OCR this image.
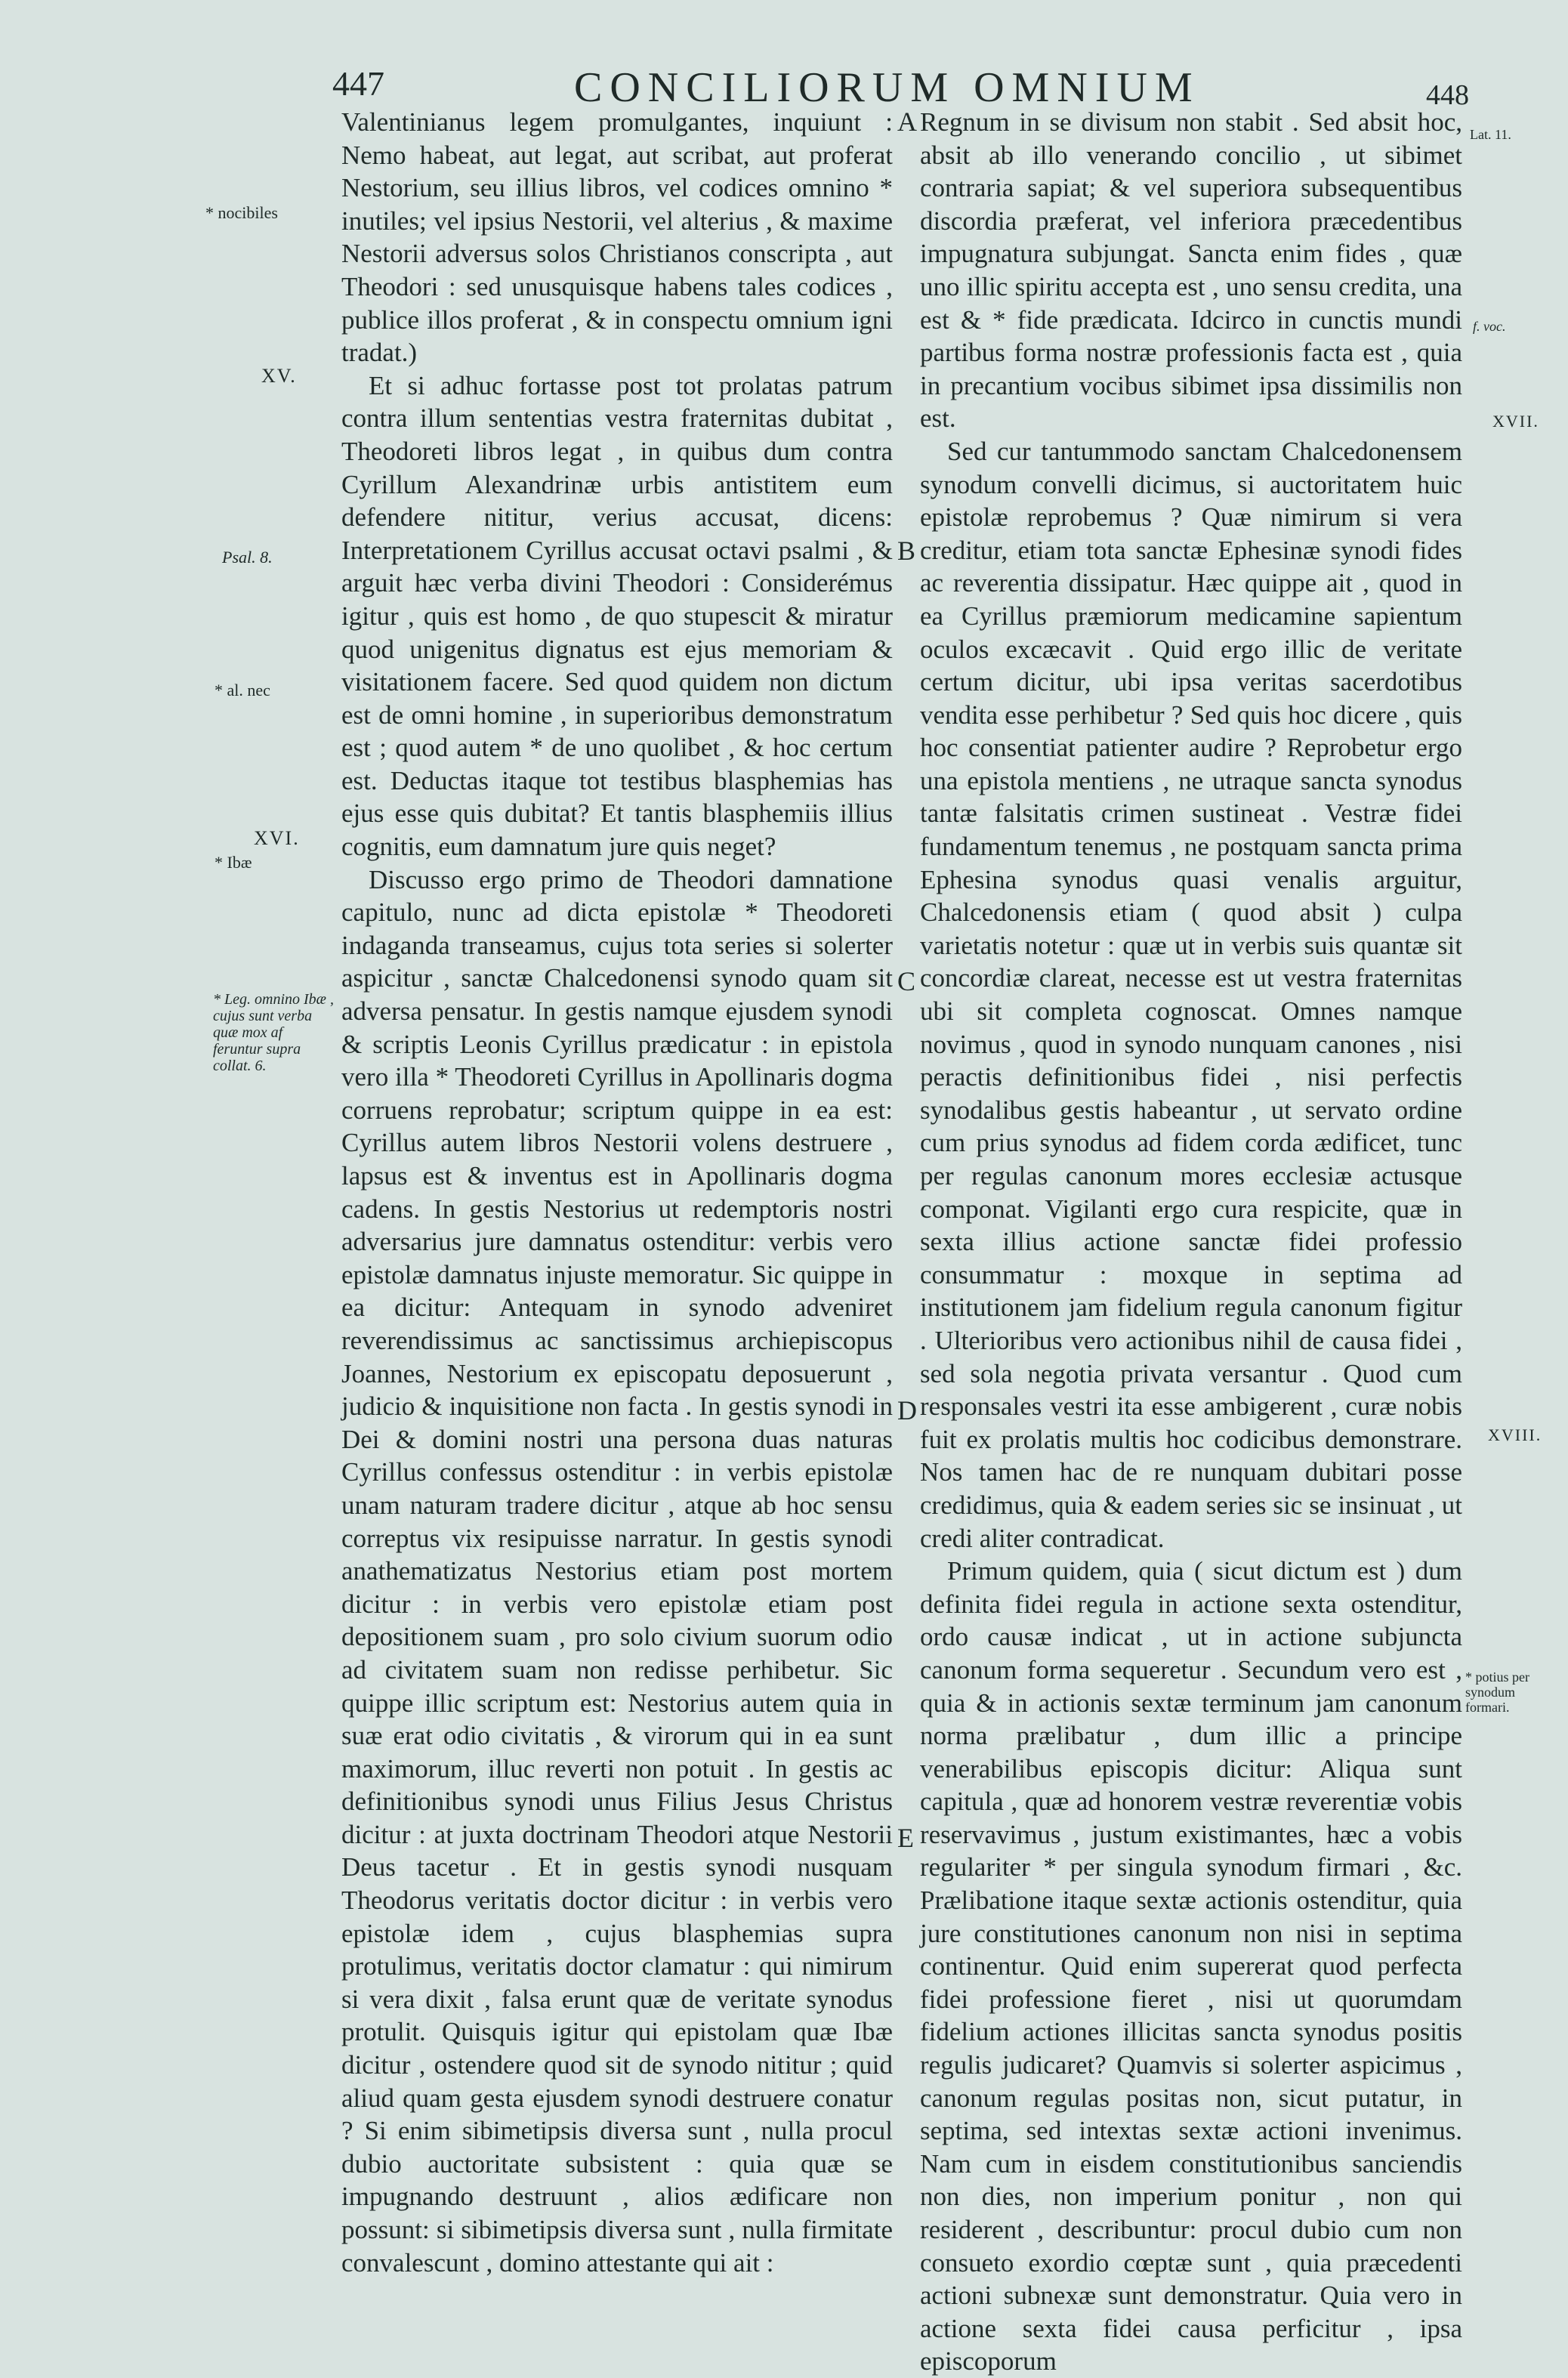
447	CONCILIORUM OMNIUM	448
* nocibiles
XV.
Psal. 8.
* al. nec
XVI.
* Ibæ
* Leg. omnino Ibæ , cujus sunt verba quæ mox af feruntur supra collat. 6.
Lat. 11.
f. voc.
XVII.
XVIII.
* potius per synodum formari.
A
B
C
D
E

Valentinianus legem promulgantes, inquiunt : Nemo habeat, aut legat, aut scribat, aut proferat Nestorium, seu illius libros, vel codices omnino * inutiles; vel ipsius Nestorii, vel alterius , & maxime Nestorii adversus solos Christianos conscripta , aut Theodori : sed unusquisque habens tales codices , publice illos proferat , & in conspectu omnium igni tradat.)

Et si adhuc fortasse post tot prolatas patrum contra illum sententias vestra fraternitas dubitat , Theodoreti libros legat , in quibus dum contra Cyrillum Alexandrinæ urbis antistitem eum defendere nititur, verius accusat, dicens: Interpretationem Cyrillus accusat octavi psalmi , & arguit hæc verba divini Theodori : Considerémus igitur , quis est homo , de quo stupescit & miratur quod unigenitus dignatus est ejus memoriam & visitationem facere. Sed quod quidem non dictum est de omni homine , in superioribus demonstratum est ; quod autem * de uno quolibet , & hoc certum est. Deductas itaque tot testibus blasphemias has ejus esse quis dubitat? Et tantis blasphemiis illius cognitis, eum damnatum jure quis neget?

Discusso ergo primo de Theodori damnatione capitulo, nunc ad dicta epistolæ * Theodoreti indaganda transeamus, cujus tota series si solerter aspicitur , sanctæ Chalcedonensi synodo quam sit adversa pensatur. In gestis namque ejusdem synodi & scriptis Leonis Cyrillus prædicatur : in epistola vero illa * Theodoreti Cyrillus in Apollinaris dogma corruens reprobatur; scriptum quippe in ea est: Cyrillus autem libros Nestorii volens destruere , lapsus est & inventus est in Apollinaris dogma cadens. In gestis Nestorius ut redemptoris nostri adversarius jure damnatus ostenditur: verbis vero epistolæ damnatus injuste memoratur. Sic quippe in ea dicitur: Antequam in synodo adveniret reverendissimus ac sanctissimus archiepiscopus Joannes, Nestorium ex episcopatu deposuerunt , judicio & inquisitione non facta . In gestis synodi in Dei & domini nostri una persona duas naturas Cyrillus confessus ostenditur : in verbis epistolæ unam naturam tradere dicitur , atque ab hoc sensu correptus vix resipuisse narratur. In gestis synodi anathematizatus Nestorius etiam post mortem dicitur : in verbis vero epistolæ etiam post depositionem suam , pro solo civium suorum odio ad civitatem suam non redisse perhibetur. Sic quippe illic scriptum est: Nestorius autem quia in suæ erat odio civitatis , & virorum qui in ea sunt maximorum, illuc reverti non potuit . In gestis ac definitionibus synodi unus Filius Jesus Christus dicitur : at juxta doctrinam Theodori atque Nestorii Deus tacetur . Et in gestis synodi nusquam Theodorus veritatis doctor dicitur : in verbis vero epistolæ idem , cujus blasphemias supra protulimus, veritatis doctor clamatur : qui nimirum si vera dixit , falsa erunt quæ de veritate synodus protulit. Quisquis igitur qui epistolam quæ Ibæ dicitur , ostendere quod sit de synodo nititur ; quid aliud quam gesta ejusdem synodi destruere conatur ? Si enim sibimetipsis diversa sunt , nulla procul dubio auctoritate subsistent : quia quæ se impugnando destruunt , alios ædificare non possunt: si sibimetipsis diversa sunt , nulla firmitate convalescunt , domino attestante qui ait :

Regnum in se divisum non stabit . Sed absit hoc, absit ab illo venerando concilio , ut sibimet contraria sapiat; & vel superiora subsequentibus discordia præferat, vel inferiora præcedentibus impugnatura subjungat. Sancta enim fides , quæ uno illic spiritu accepta est , uno sensu credita, una est & * fide prædicata. Idcirco in cunctis mundi partibus forma nostræ professionis facta est , quia in precantium vocibus sibimet ipsa dissimilis non est.

Sed cur tantummodo sanctam Chalcedonensem synodum convelli dicimus, si auctoritatem huic epistolæ reprobemus ? Quæ nimirum si vera creditur, etiam tota sanctæ Ephesinæ synodi fides ac reverentia dissipatur. Hæc quippe ait , quod in ea Cyrillus præmiorum medicamine sapientum oculos excæcavit . Quid ergo illic de veritate certum dicitur, ubi ipsa veritas sacerdotibus vendita esse perhibetur ? Sed quis hoc dicere , quis hoc consentiat patienter audire ? Reprobetur ergo una epistola mentiens , ne utraque sancta synodus tantæ falsitatis crimen sustineat . Vestræ fidei fundamentum tenemus , ne postquam sancta prima Ephesina synodus quasi venalis arguitur, Chalcedonensis etiam ( quod absit ) culpa varietatis notetur : quæ ut in verbis suis quantæ sit concordiæ clareat, necesse est ut vestra fraternitas ubi sit completa cognoscat. Omnes namque novimus , quod in synodo nunquam canones , nisi peractis definitionibus fidei , nisi perfectis synodalibus gestis habeantur , ut servato ordine cum prius synodus ad fidem corda ædificet, tunc per regulas canonum mores ecclesiæ actusque componat. Vigilanti ergo cura respicite, quæ in sexta illius actione sanctæ fidei professio consummatur : moxque in septima ad institutionem jam fidelium regula canonum figitur . Ulterioribus vero actionibus nihil de causa fidei , sed sola negotia privata versantur . Quod cum responsales vestri ita esse ambigerent , curæ nobis fuit ex prolatis multis hoc codicibus demonstrare. Nos tamen hac de re nunquam dubitari posse credidimus, quia & eadem series sic se insinuat , ut credi aliter contradicat.

Primum quidem, quia ( sicut dictum est ) dum definita fidei regula in actione sexta ostenditur, ordo causæ indicat , ut in actione subjuncta canonum forma sequeretur . Secundum vero est , quia & in actionis sextæ terminum jam canonum norma prælibatur , dum illic a principe venerabilibus episcopis dicitur: Aliqua sunt capitula , quæ ad honorem vestræ reverentiæ vobis reservavimus , justum existimantes, hæc a vobis regulariter * per singula synodum firmari , &c. Prælibatione itaque sextæ actionis ostenditur, quia jure constitutiones canonum non nisi in septima continentur. Quid enim supererat quod perfecta fidei professione fieret , nisi ut quorumdam fidelium actiones illicitas sancta synodus positis regulis judicaret? Quamvis si solerter aspicimus , canonum regulas positas non, sicut putatur, in septima, sed intextas sextæ actioni invenimus. Nam cum in eisdem constitutionibus sanciendis non dies, non imperium ponitur , non qui residerent , describuntur: procul dubio cum non consueto exordio cœptæ sunt , quia præcedenti actioni subnexæ sunt demonstratur. Quia vero in actione sexta fidei causa perficitur , ipsa episcoporum
